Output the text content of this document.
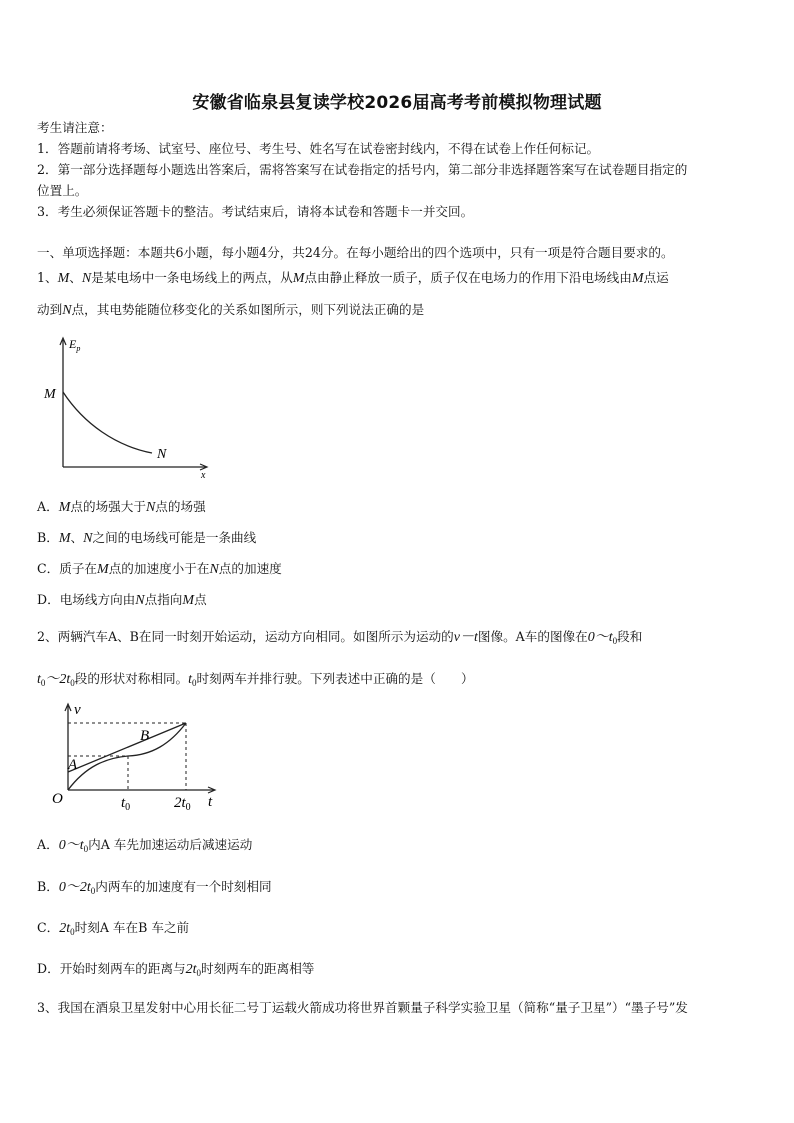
安徽省临泉县复读学校2026届高考考前模拟物理试题
考生请注意：
1．答题前请将考场、试室号、座位号、考生号、姓名写在试卷密封线内，不得在试卷上作任何标记。
2．第一部分选择题每小题选出答案后，需将答案写在试卷指定的括号内，第二部分非选择题答案写在试卷题目指定的
位置上。
3．考生必须保证答题卡的整洁。考试结束后，请将本试卷和答题卡一并交回。
一、单项选择题：本题共6小题，每小题4分，共24分。在每小题给出的四个选项中，只有一项是符合题目要求的。
1、M、N是某电场中一条电场线上的两点，从M点由静止释放一质子，质子仅在电场力的作用下沿电场线由M点运
动到N点，其电势能随位移变化的关系如图所示，则下列说法正确的是
$E_p$
x
M
N
A．M点的场强大于N点的场强
B．M、N之间的电场线可能是一条曲线
C．质子在M点的加速度小于在N点的加速度
D．电场线方向由N点指向M点
2、两辆汽车A、B在同一时刻开始运动，运动方向相同。如图所示为运动的v－t图像。A车的图像在$0\sim t_0$段和
$t_0\sim 2t_0$段的形状对称相同。$t_0$时刻两车并排行驶。下列表述中正确的是（　　）
v
t
O
A
B
$t_0$	$2t_0$
A．$0\sim t_0$内A 车先加速运动后减速运动
B．$0\sim 2t_0$内两车的加速度有一个时刻相同
C．$2t_0$时刻A 车在B 车之前
D．开始时刻两车的距离与$2t_0$时刻两车的距离相等
3、我国在酒泉卫星发射中心用长征二号丁运载火箭成功将世界首颗量子科学实验卫星（简称“量子卫星”）“墨子号”发
